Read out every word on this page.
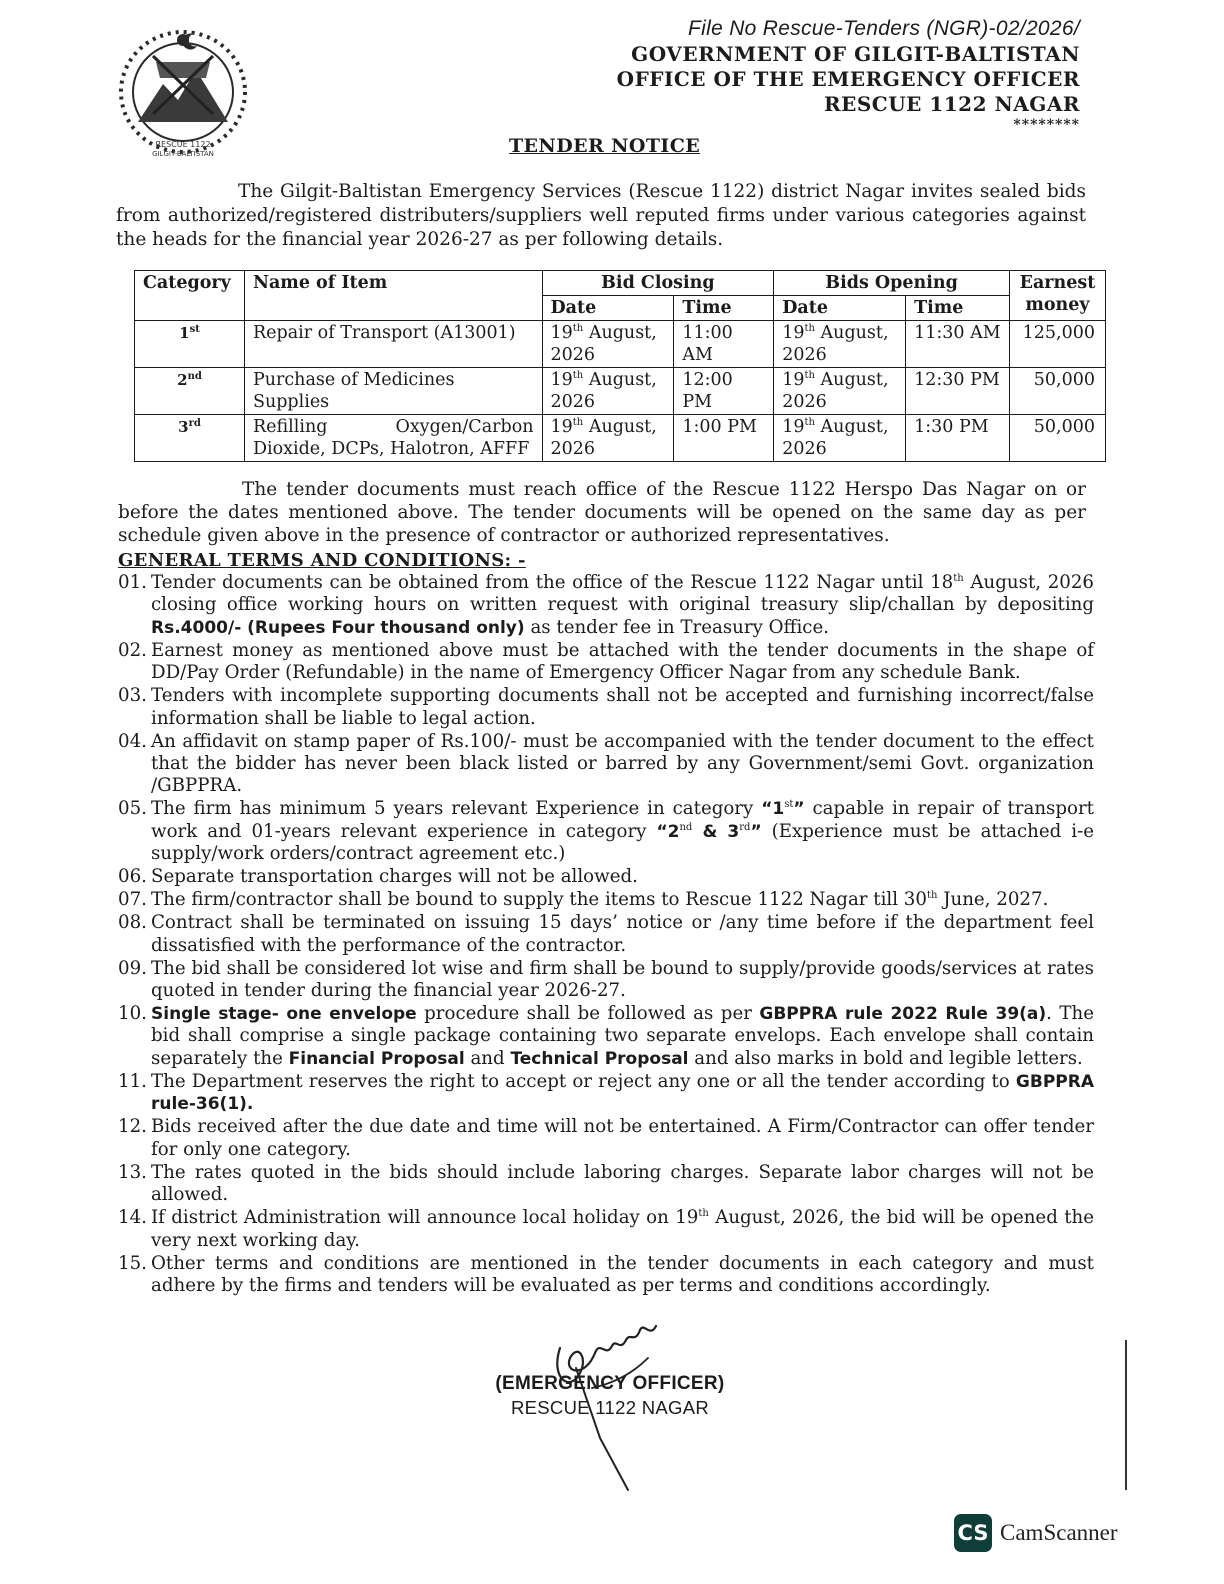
RESCUE 1122
GILGIT-BALTISTAN
File No Rescue-Tenders (NGR)-02/2026/
GOVERNMENT OF GILGIT-BALTISTAN
OFFICE OF THE EMERGENCY OFFICER
RESCUE 1122 NAGAR
********
TENDER NOTICE
The Gilgit-Baltistan Emergency Services (Rescue 1122) district Nagar invites sealed bids from authorized/registered distributers/suppliers well reputed firms under various categories against the heads for the financial year 2026-27 as per following details.
Category	Name of Item	Bid Closing		Bids Opening		Earnest money
		Date	Time	Date	Time	
1st	Repair of Transport (A13001)	19th August, 2026	11:00 AM	19th August, 2026	11:30 AM	125,000
2nd	Purchase of Medicines Supplies	19th August, 2026	12:00 PM	19th August, 2026	12:30 PM	50,000
3rd	Refilling Oxygen/Carbon Dioxide, DCPs, Halotron, AFFF	19th August, 2026	1:00 PM	19th August, 2026	1:30 PM	50,000
The tender documents must reach office of the Rescue 1122 Herspo Das Nagar on or before the dates mentioned above. The tender documents will be opened on the same day as per schedule given above in the presence of contractor or authorized representatives.
GENERAL TERMS AND CONDITIONS: -
01. Tender documents can be obtained from the office of the Rescue 1122 Nagar until 18th August, 2026 closing office working hours on written request with original treasury slip/challan by depositing Rs.4000/- (Rupees Four thousand only) as tender fee in Treasury Office.
02. Earnest money as mentioned above must be attached with the tender documents in the shape of DD/Pay Order (Refundable) in the name of Emergency Officer Nagar from any schedule Bank.
03. Tenders with incomplete supporting documents shall not be accepted and furnishing incorrect/false information shall be liable to legal action.
04. An affidavit on stamp paper of Rs.100/- must be accompanied with the tender document to the effect that the bidder has never been black listed or barred by any Government/semi Govt. organization /GBPPRA.
05. The firm has minimum 5 years relevant Experience in category “1st” capable in repair of transport work and 01-years relevant experience in category “2nd & 3rd” (Experience must be attached i-e supply/work orders/contract agreement etc.)
06. Separate transportation charges will not be allowed.
07. The firm/contractor shall be bound to supply the items to Rescue 1122 Nagar till 30th June, 2027.
08. Contract shall be terminated on issuing 15 days’ notice or /any time before if the department feel dissatisfied with the performance of the contractor.
09. The bid shall be considered lot wise and firm shall be bound to supply/provide goods/services at rates quoted in tender during the financial year 2026-27.
10. Single stage- one envelope procedure shall be followed as per GBPPRA rule 2022 Rule 39(a). The bid shall comprise a single package containing two separate envelops. Each envelope shall contain separately the Financial Proposal and Technical Proposal and also marks in bold and legible letters.
11. The Department reserves the right to accept or reject any one or all the tender according to GBPPRA rule-36(1).
12. Bids received after the due date and time will not be entertained. A Firm/Contractor can offer tender for only one category.
13. The rates quoted in the bids should include laboring charges. Separate labor charges will not be allowed.
14. If district Administration will announce local holiday on 19th August, 2026, the bid will be opened the very next working day.
15. Other terms and conditions are mentioned in the tender documents in each category and must adhere by the firms and tenders will be evaluated as per terms and conditions accordingly.
(EMERGENCY OFFICER)
RESCUE 1122 NAGAR
CS CamScanner
